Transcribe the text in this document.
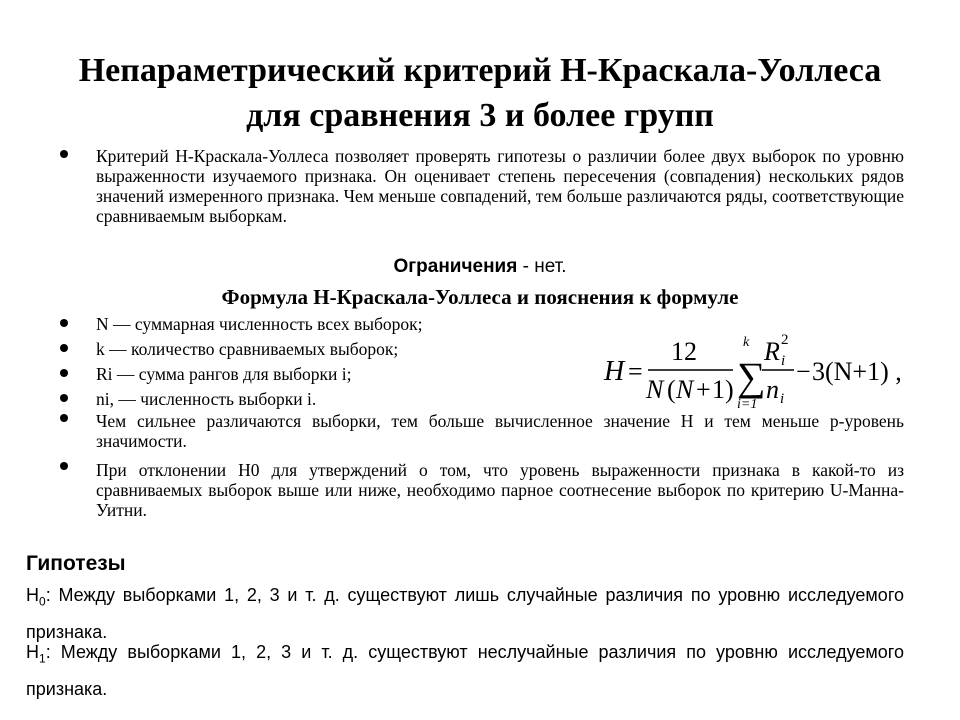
Непараметрический критерий Н-Краскала-Уоллеса для сравнения 3 и более групп
Критерий Н-Краскала-Уоллеса позволяет проверять гипотезы о различии более двух выборок по уровню выраженности изучаемого признака. Он оценивает степень пересечения (совпадения) нескольких рядов значений измеренного признака. Чем меньше совпадений, тем больше различаются ряды, соответствующие сравниваемым выборкам.
Ограничения - нет.
Формула Н-Краскала-Уоллеса и пояснения к формуле
N — суммарная численность всех выборок;
k — количество сравниваемых выборок;
Ri — сумма рангов для выборки i;
ni, — численность выборки i.
Чем сильнее различаются выборки, тем больше вычисленное значение Н и тем меньше р-уровень значимости.
При отклонении Н0 для утверждений о том, что уровень выраженности признака в какой-то из сравниваемых выборок выше или ниже, необходимо парное соотнесение выборок по критерию U-Манна-Уитни.
H =
12
N ( N + 1 )
k
∑
i=1
R 2
i
n i
− 3(N+1) ,
Гипотезы
$H_0$: Между выборками 1, 2, 3 и т. д. существуют лишь случайные различия по уровню исследуемого признака.
$H_1$: Между выборками 1, 2, 3 и т. д. существуют неслучайные различия по уровню исследуемого признака.
